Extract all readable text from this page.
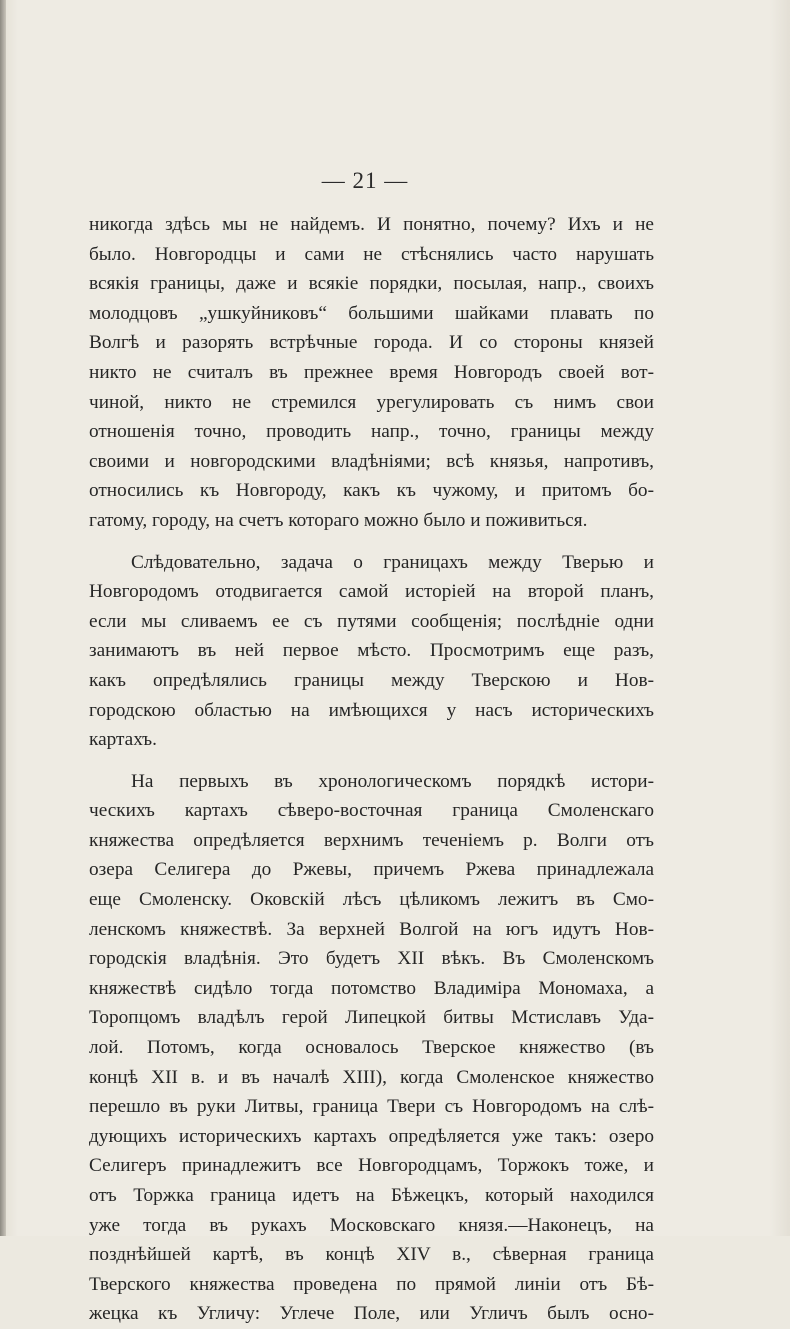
— 21 —
никогда здѣсь мы не найдемъ. И понятно, почему? Ихъ и не
было. Новгородцы и сами не стѣснялись часто нарушать
всякія границы, даже и всякіе порядки, посылая, напр., своихъ
молодцовъ „ушкуйниковъ“ большими шайками плавать по
Волгѣ и разорять встрѣчные города. И со стороны князей
никто не считалъ въ прежнее время Новгородъ своей вот-
чиной, никто не стремился урегулировать съ нимъ свои
отношенія точно, проводить напр., точно, границы между
своими и новгородскими владѣніями; всѣ князья, напротивъ,
относились къ Новгороду, какъ къ чужому, и притомъ бо-
гатому, городу, на счетъ котораго можно было и поживиться.
Слѣдовательно, задача о границахъ между Тверью и
Новгородомъ отодвигается самой исторіей на второй планъ,
если мы сливаемъ ее съ путями сообщенія; послѣдніе одни
занимаютъ въ ней первое мѣсто. Просмотримъ еще разъ,
какъ опредѣлялись границы между Тверскою и Нов-
городскою областью на имѣющихся у насъ историческихъ
картахъ.
На первыхъ въ хронологическомъ порядкѣ истори-
ческихъ картахъ сѣверо-восточная граница Смоленскаго
княжества опредѣляется верхнимъ теченіемъ р. Волги отъ
озера Селигера до Ржевы, причемъ Ржева принадлежала
еще Смоленску. Оковскій лѣсъ цѣликомъ лежитъ въ Смо-
ленскомъ княжествѣ. За верхней Волгой на югъ идутъ Нов-
городскія владѣнія. Это будетъ XII вѣкъ. Въ Смоленскомъ
княжествѣ сидѣло тогда потомство Владиміра Мономаха, а
Торопцомъ владѣлъ герой Липецкой битвы Мстиславъ Уда-
лой. Потомъ, когда основалось Тверское княжество (въ
концѣ XII в. и въ началѣ XIII), когда Смоленское княжество
перешло въ руки Литвы, граница Твери съ Новгородомъ на слѣ-
дующихъ историческихъ картахъ опредѣляется уже такъ: озеро
Селигеръ принадлежитъ все Новгородцамъ, Торжокъ тоже, и
отъ Торжка граница идетъ на Бѣжецкъ, который находился
уже тогда въ рукахъ Московскаго князя.—Наконецъ, на
позднѣйшей картѣ, въ концѣ XIV в., сѣверная граница
Тверского княжества проведена по прямой линіи отъ Бѣ-
жецка къ Угличу: Углече Поле, или Угличъ былъ осно-
